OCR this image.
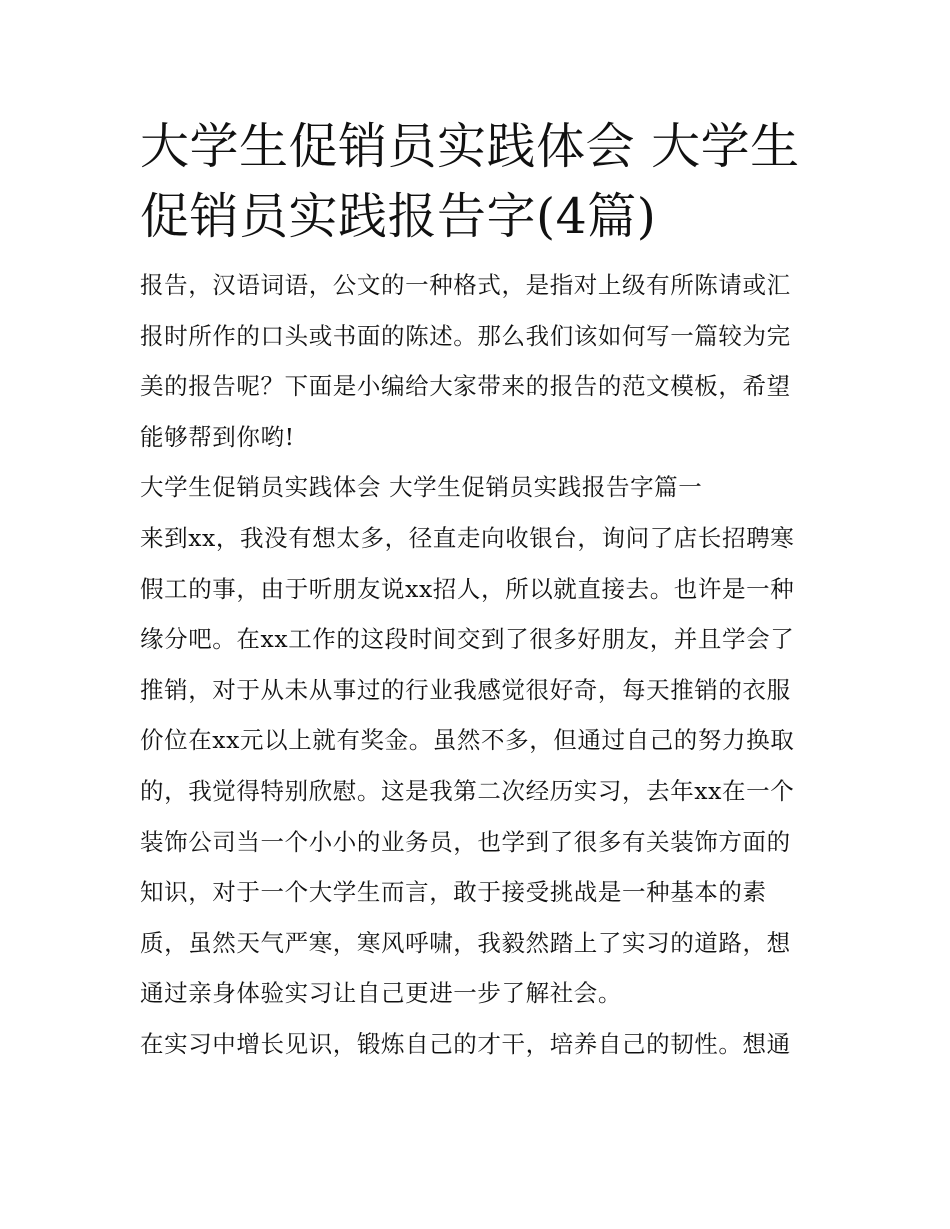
大学生促销员实践体会 大学生促销员实践报告字(4篇)

报告，汉语词语，公文的一种格式，是指对上级有所陈请或汇报时所作的口头或书面的陈述。那么我们该如何写一篇较为完美的报告呢？下面是小编给大家带来的报告的范文模板，希望能够帮到你哟!

大学生促销员实践体会 大学生促销员实践报告字篇一

来到xx，我没有想太多，径直走向收银台，询问了店长招聘寒假工的事，由于听朋友说xx招人，所以就直接去。也许是一种缘分吧。在xx工作的这段时间交到了很多好朋友，并且学会了推销，对于从未从事过的行业我感觉很好奇，每天推销的衣服价位在xx元以上就有奖金。虽然不多，但通过自己的努力换取的，我觉得特别欣慰。这是我第二次经历实习，去年xx在一个装饰公司当一个小小的业务员，也学到了很多有关装饰方面的知识，对于一个大学生而言，敢于接受挑战是一种基本的素质，虽然天气严寒，寒风呼啸，我毅然踏上了实习的道路，想通过亲身体验实习让自己更进一步了解社会。

在实习中增长见识，锻炼自己的才干，培养自己的韧性。想通
